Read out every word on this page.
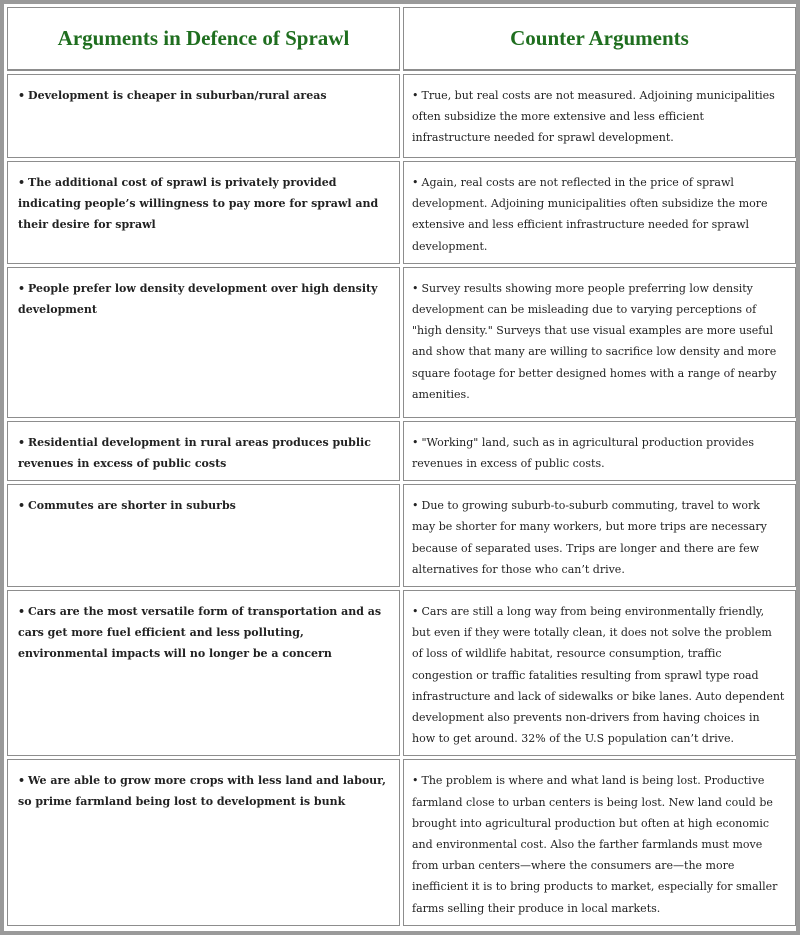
Arguments in Defence of Sprawl	Counter Arguments
• Development is cheaper in suburban/rural areas	• True, but real costs are not measured. Adjoining municipalities often subsidize the more extensive and less efficient infrastructure needed for sprawl development.
• The additional cost of sprawl is privately provided indicating people’s willingness to pay more for sprawl and their desire for sprawl	• Again, real costs are not reflected in the price of sprawl development. Adjoining municipalities often subsidize the more extensive and less efficient infrastructure needed for sprawl development.
• People prefer low density development over high density development	• Survey results showing more people preferring low density development can be misleading due to varying perceptions of "high density." Surveys that use visual examples are more useful and show that many are willing to sacrifice low density and more square footage for better designed homes with a range of nearby amenities.
• Residential development in rural areas produces public revenues in excess of public costs	• "Working" land, such as in agricultural production provides revenues in excess of public costs.
• Commutes are shorter in suburbs	• Due to growing suburb-to-suburb commuting, travel to work may be shorter for many workers, but more trips are necessary because of separated uses. Trips are longer and there are few alternatives for those who can’t drive.
• Cars are the most versatile form of transportation and as cars get more fuel efficient and less polluting, environmental impacts will no longer be a concern	• Cars are still a long way from being environmentally friendly, but even if they were totally clean, it does not solve the problem of loss of wildlife habitat, resource consumption, traffic congestion or traffic fatalities resulting from sprawl type road infrastructure and lack of sidewalks or bike lanes. Auto dependent development also prevents non-drivers from having choices in how to get around. 32% of the U.S population can’t drive.
• We are able to grow more crops with less land and labour, so prime farmland being lost to development is bunk	• The problem is where and what land is being lost. Productive farmland close to urban centers is being lost. New land could be brought into agricultural production but often at high economic and environmental cost. Also the farther farmlands must move from urban centers—where the consumers are—the more inefficient it is to bring products to market, especially for smaller farms selling their produce in local markets.
